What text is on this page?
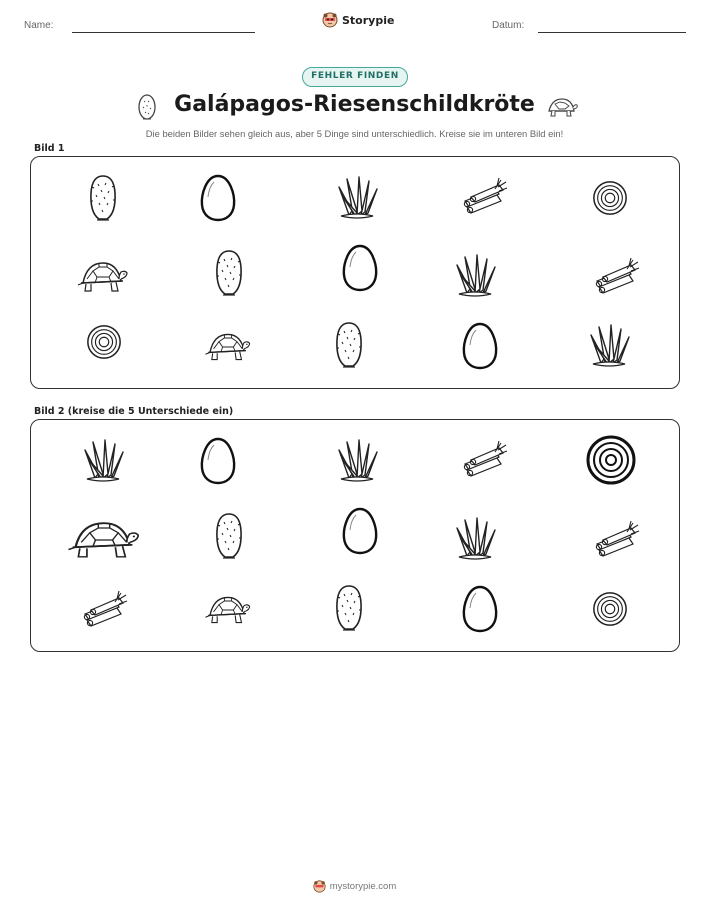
Name:	Storypie	Datum:
FEHLER FINDEN
Galápagos-Riesenschildkröte
Die beiden Bilder sehen gleich aus, aber 5 Dinge sind unterschiedlich. Kreise sie im unteren Bild ein!
Bild 1
Bild 2 (kreise die 5 Unterschiede ein)
mystorypie.com
